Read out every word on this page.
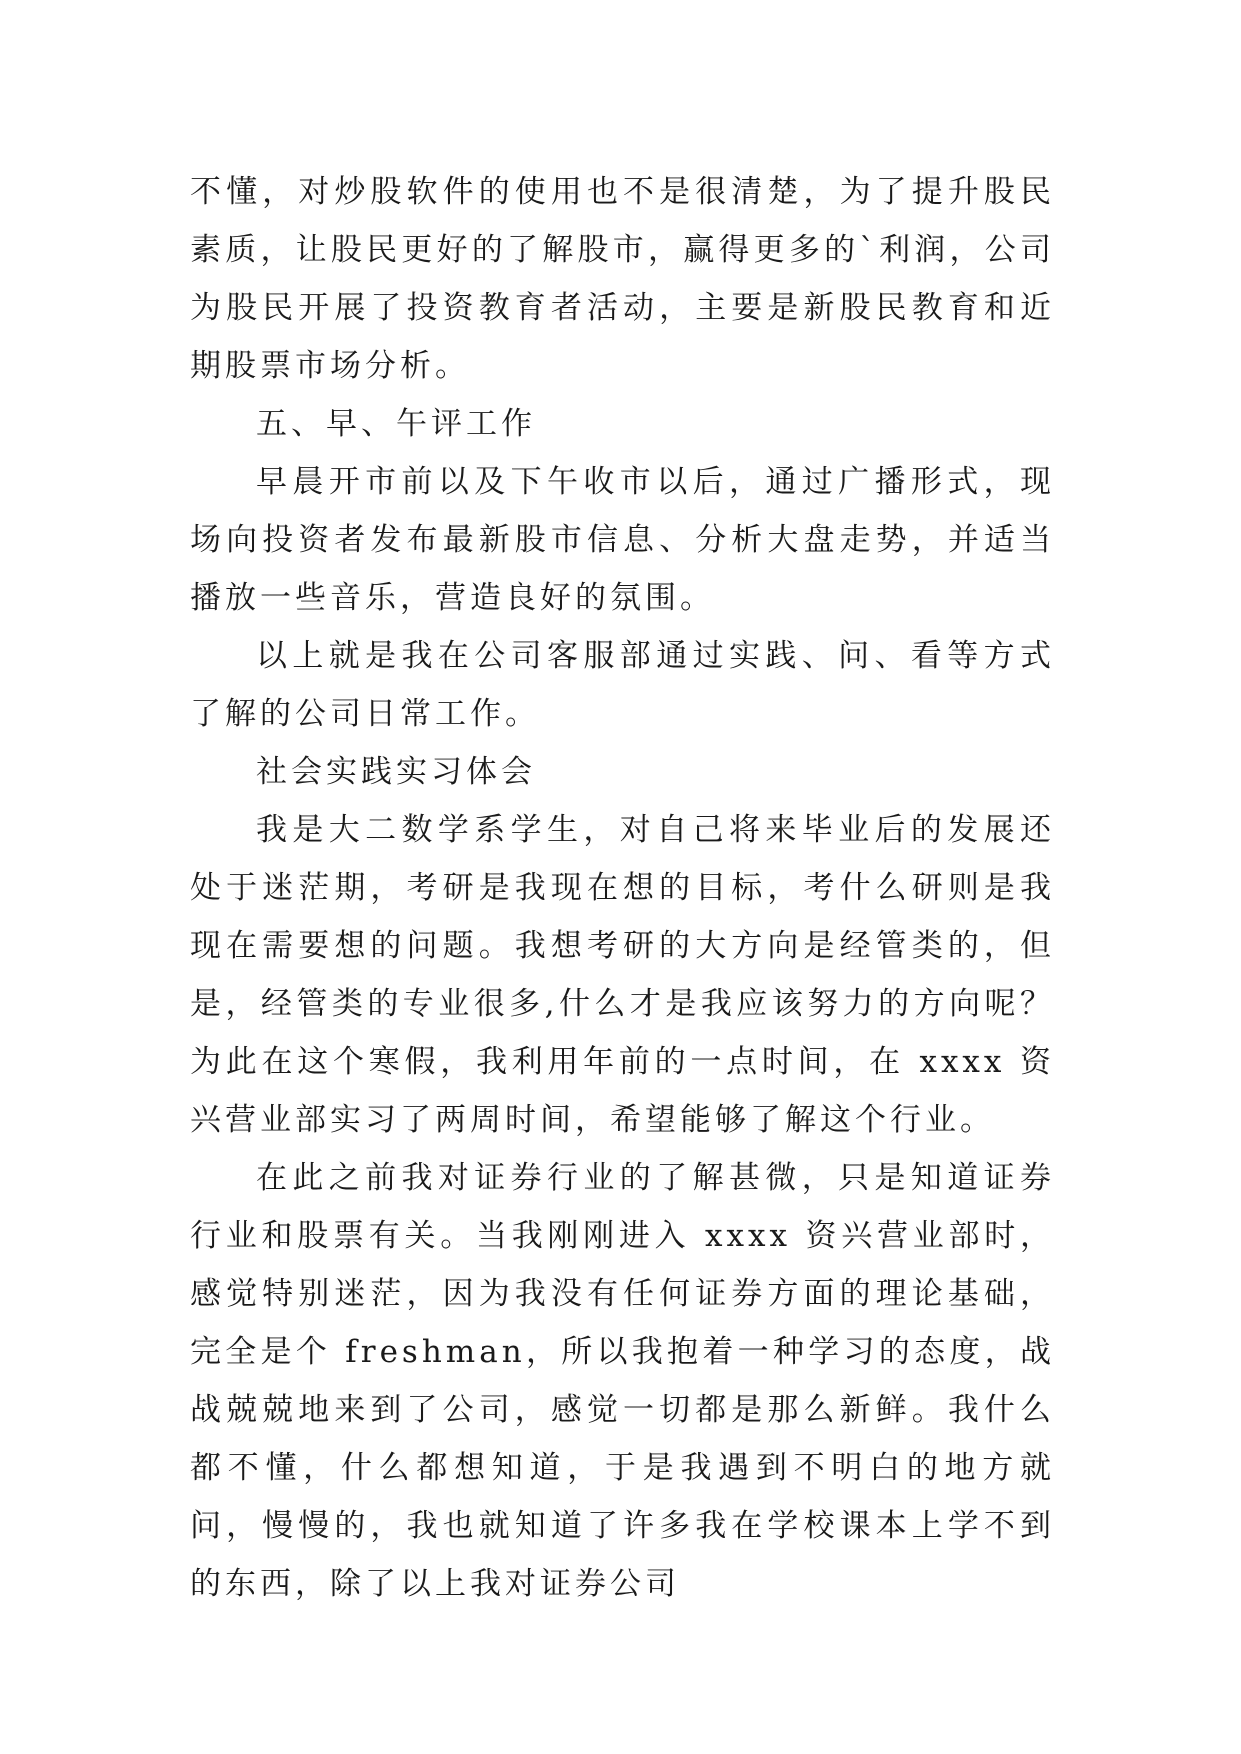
不懂，对炒股软件的使用也不是很清楚，为了提升股民素质，让股民更好的了解股市，赢得更多的`利润，公司为股民开展了投资教育者活动，主要是新股民教育和近期股票市场分析。

五、早、午评工作

早晨开市前以及下午收市以后，通过广播形式，现场向投资者发布最新股市信息、分析大盘走势，并适当播放一些音乐，营造良好的氛围。

以上就是我在公司客服部通过实践、问、看等方式了解的公司日常工作。

社会实践实习体会

我是大二数学系学生，对自己将来毕业后的发展还处于迷茫期，考研是我现在想的目标，考什么研则是我现在需要想的问题。我想考研的大方向是经管类的，但是，经管类的专业很多,什么才是我应该努力的方向呢？为此在这个寒假，我利用年前的一点时间，在 xxxx 资兴营业部实习了两周时间，希望能够了解这个行业。

在此之前我对证券行业的了解甚微，只是知道证券行业和股票有关。当我刚刚进入 xxxx 资兴营业部时，感觉特别迷茫，因为我没有任何证券方面的理论基础，完全是个 freshman，所以我抱着一种学习的态度，战战兢兢地来到了公司，感觉一切都是那么新鲜。我什么都不懂，什么都想知道，于是我遇到不明白的地方就问，慢慢的，我也就知道了许多我在学校课本上学不到的东西，除了以上我对证券公司
